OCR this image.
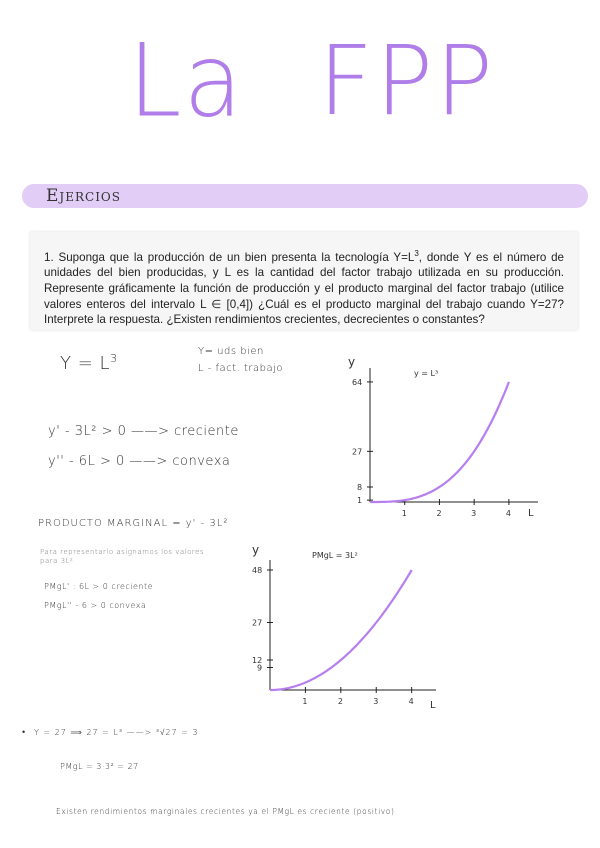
La FPP
Ejercios

1. Suponga que la producción de un bien presenta la tecnología $Y=L^3$, donde Y es el número de unidades del bien producidas, y L es la cantidad del factor trabajo utilizada en su producción. Represente gráficamente la función de producción y el producto marginal del factor trabajo (utilice valores enteros del intervalo L ∈ [0,4]) ¿Cuál es el producto marginal del trabajo cuando Y=27? Interprete la respuesta. ¿Existen rendimientos crecientes, decrecientes o constantes?

$Y = L^3$
Y= uds bien
L - fact. trabajo
y' - 3L² > 0 ——> creciente
y'' - 6L > 0 ——> convexa
PRODUCTO MARGINAL = y' - 3L²
Para representarlo asignamos los valores para 3L²
PMgL' : 6L > 0 creciente
PMgL'' - 6 > 0 convexa
• Y = 27 ⟹ 27 = L³ ——> ³√27 = 3
PMgL = 3·3² = 27
Existen rendimientos marginales crecientes ya el PMgL es creciente (positivo)
y
L
y = L³
1	2	3	4
1
8
27
64
y
L
PMgL = 3L²
1	2	3	4
9
12
27
48
